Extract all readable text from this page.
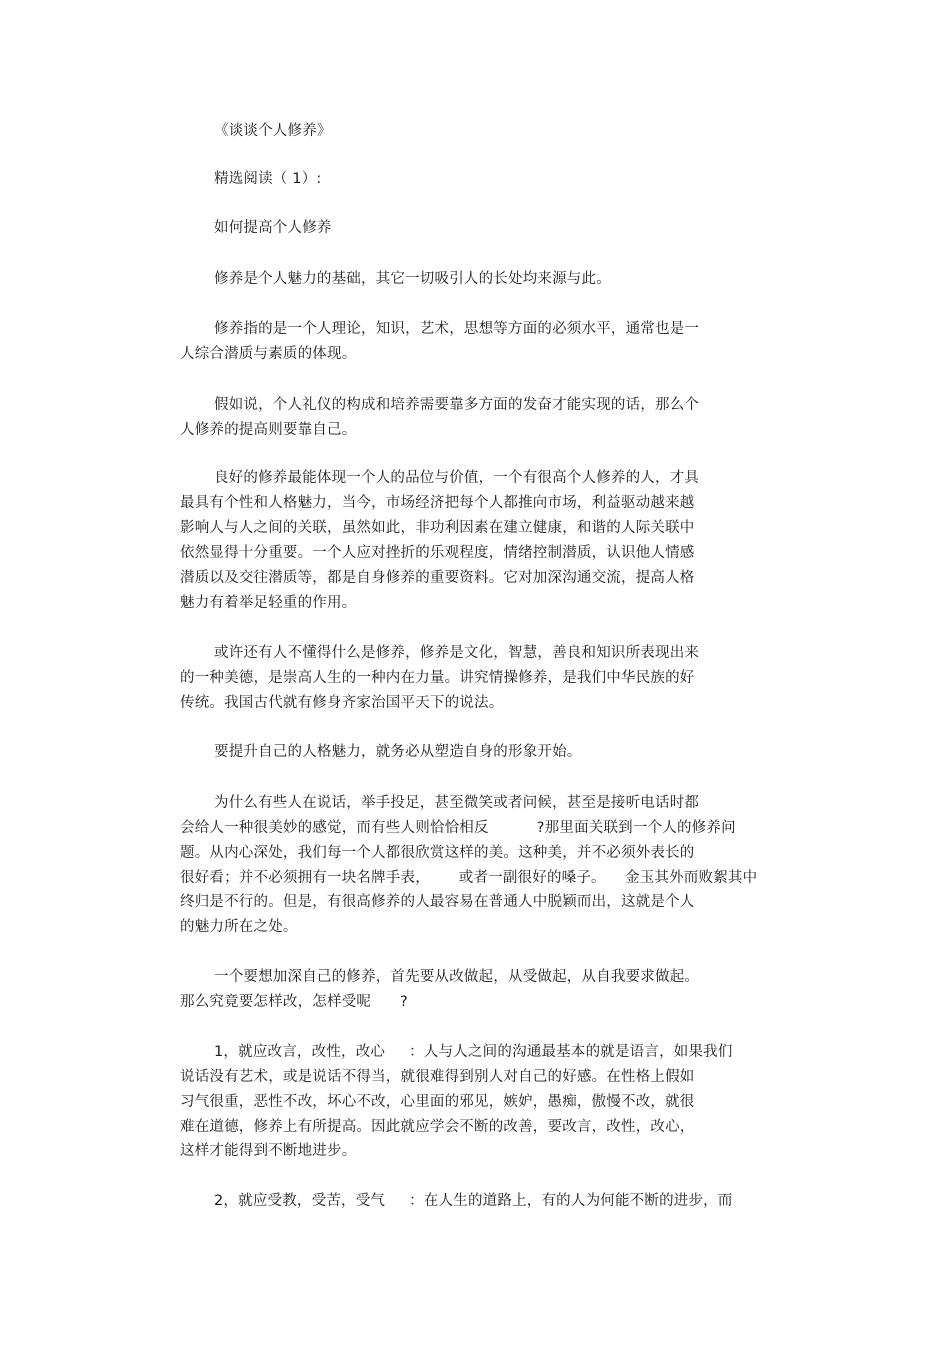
《谈谈个人修养》
精选阅读（ 1）:
如何提高个人修养
修养是个人魅力的基础，其它一切吸引人的长处均来源与此。
修养指的是一个人理论，知识，艺术，思想等方面的必须水平，通常也是一
人综合潜质与素质的体现。
假如说，个人礼仪的构成和培养需要靠多方面的发奋才能实现的话，那么个
人修养的提高则要靠自己。
良好的修养最能体现一个人的品位与价值，一个有很高个人修养的人，才具
最具有个性和人格魅力，当今，市场经济把每个人都推向市场，利益驱动越来越
影响人与人之间的关联，虽然如此，非功利因素在建立健康，和谐的人际关联中
依然显得十分重要。一个人应对挫折的乐观程度，情绪控制潜质，认识他人情感
潜质以及交往潜质等，都是自身修养的重要资料。它对加深沟通交流，提高人格
魅力有着举足轻重的作用。
或许还有人不懂得什么是修养，修养是文化，智慧，善良和知识所表现出来
的一种美德，是崇高人生的一种内在力量。讲究情操修养，是我们中华民族的好
传统。我国古代就有修身齐家治国平天下的说法。
要提升自己的人格魅力，就务必从塑造自身的形象开始。
为什么有些人在说话，举手投足，甚至微笑或者问候，甚至是接听电话时都
会给人一种很美妙的感觉，而有些人则恰恰相反          ?那里面关联到一个人的修养问
题。从内心深处，我们每一个人都很欣赏这样的美。这种美，并不必须外表长的
很好看；并不必须拥有一块名牌手表，      或者一副很好的嗓子。    金玉其外而败絮其中
终归是不行的。但是，有很高修养的人最容易在普通人中脱颖而出，这就是个人
的魅力所在之处。
一个要想加深自己的修养，首先要从改做起，从受做起，从自我要求做起。
那么究竟要怎样改，怎样受呢      ?
1，就应改言，改性，改心     ：人与人之间的沟通最基本的就是语言，如果我们
说话没有艺术，或是说话不得当，就很难得到别人对自己的好感。在性格上假如
习气很重，恶性不改，坏心不改，心里面的邪见，嫉妒，愚痴，傲慢不改，就很
难在道德，修养上有所提高。因此就应学会不断的改善，要改言，改性，改心，
这样才能得到不断地进步。
2，就应受教，受苦，受气     ：在人生的道路上，有的人为何能不断的进步，而
